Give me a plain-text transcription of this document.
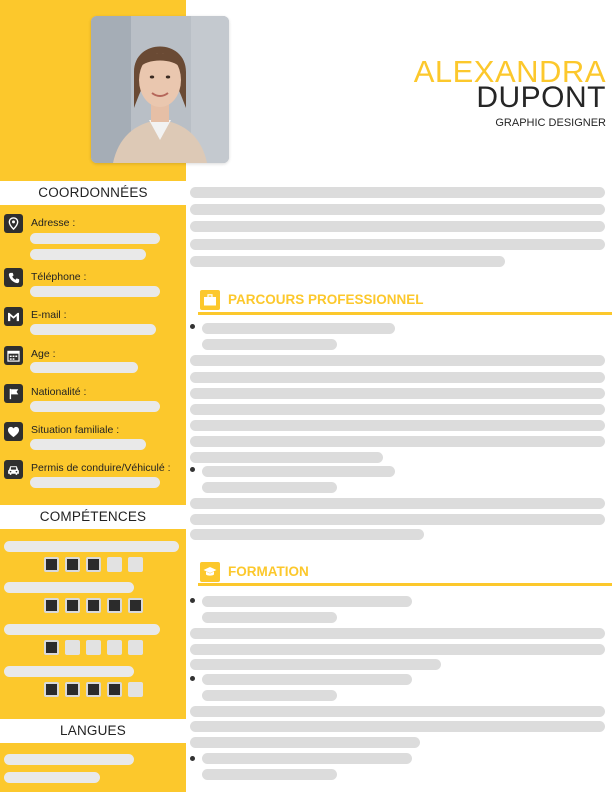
COORDONNÉES
Adresse :
Téléphone :
E-mail :
Age :
Nationalité :
Situation familiale :
Permis de conduire/Véhiculé :
COMPÉTENCES
LANGUES
ALEXANDRA
DUPONT
GRAPHIC DESIGNER
PARCOURS PROFESSIONNEL
FORMATION
